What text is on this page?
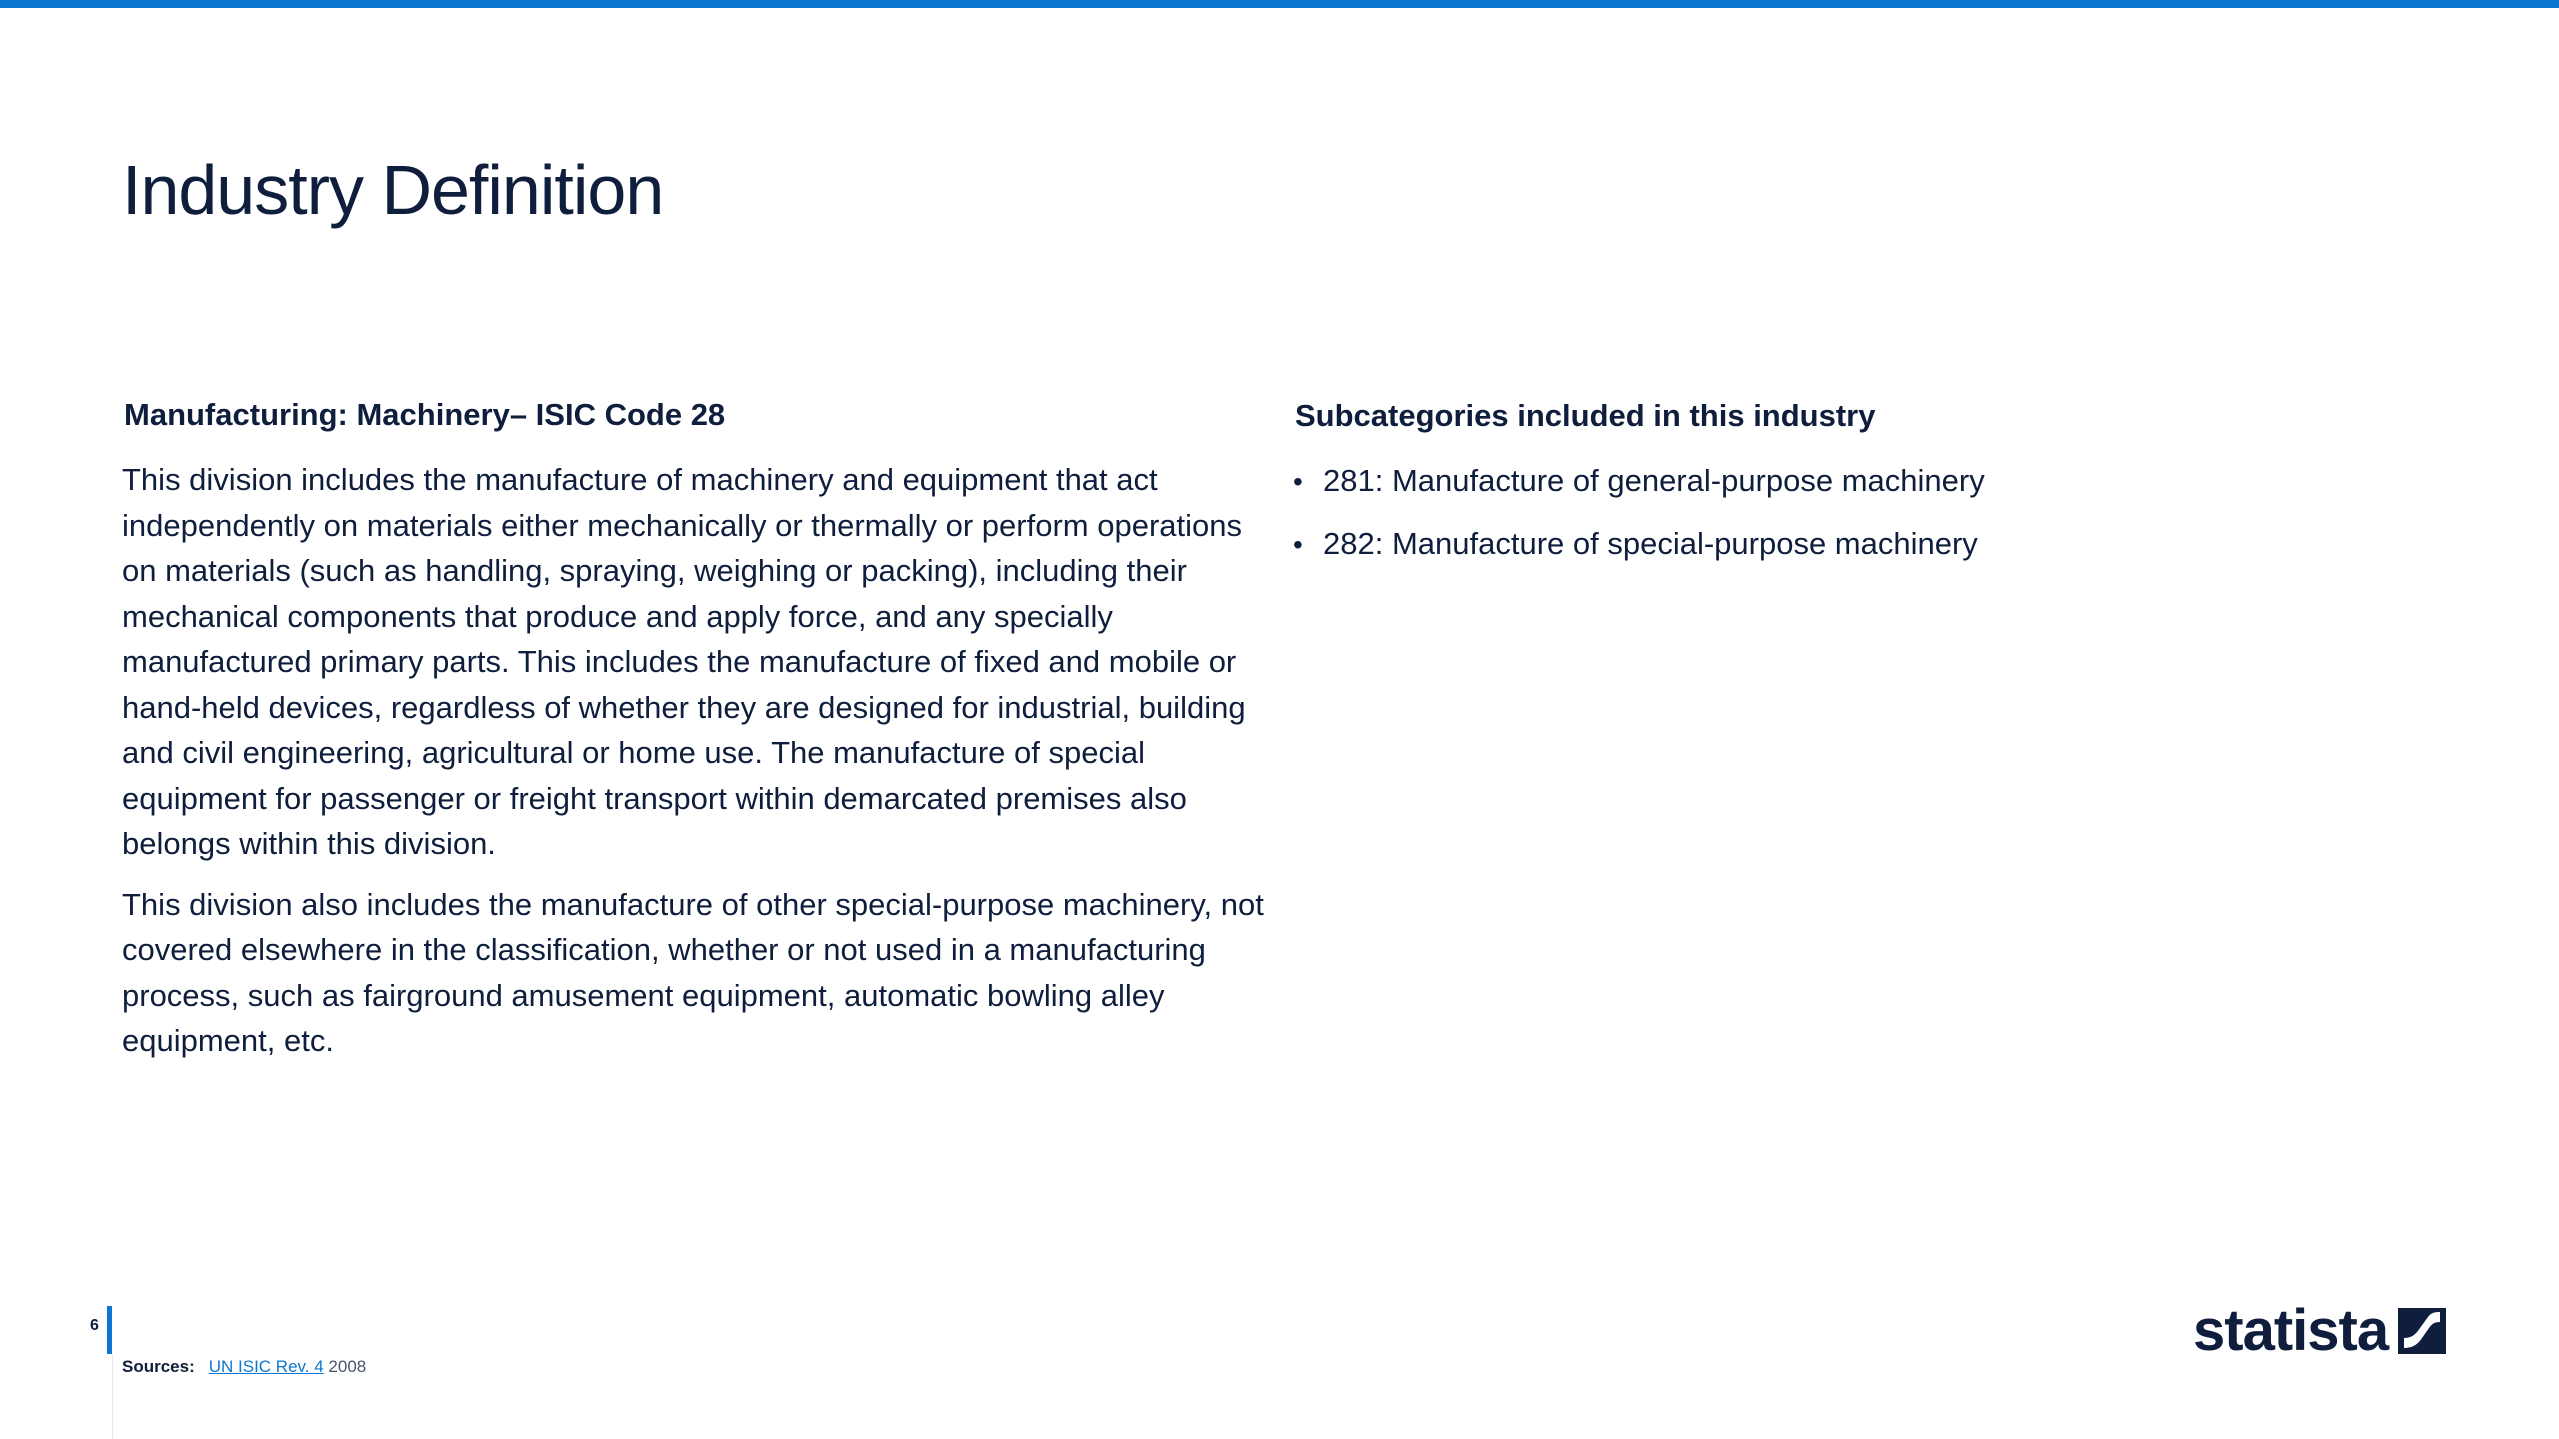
Industry Definition
Manufacturing: Machinery– ISIC Code 28

This division includes the manufacture of machinery and equipment that act independently on materials either mechanically or thermally or perform operations on materials (such as handling, spraying, weighing or packing), including their mechanical components that produce and apply force, and any specially manufactured primary parts. This includes the manufacture of fixed and mobile or hand-held devices, regardless of whether they are designed for industrial, building and civil engineering, agricultural or home use. The manufacture of special equipment for passenger or freight transport within demarcated premises also belongs within this division.

This division also includes the manufacture of other special-purpose machinery, not covered elsewhere in the classification, whether or not used in a manufacturing process, such as fairground amusement equipment, automatic bowling alley equipment, etc.

Subcategories included in this industry
• 281: Manufacture of general-purpose machinery
• 282: Manufacture of special-purpose machinery
6
Sources: UN ISIC Rev. 4 2008
statista
